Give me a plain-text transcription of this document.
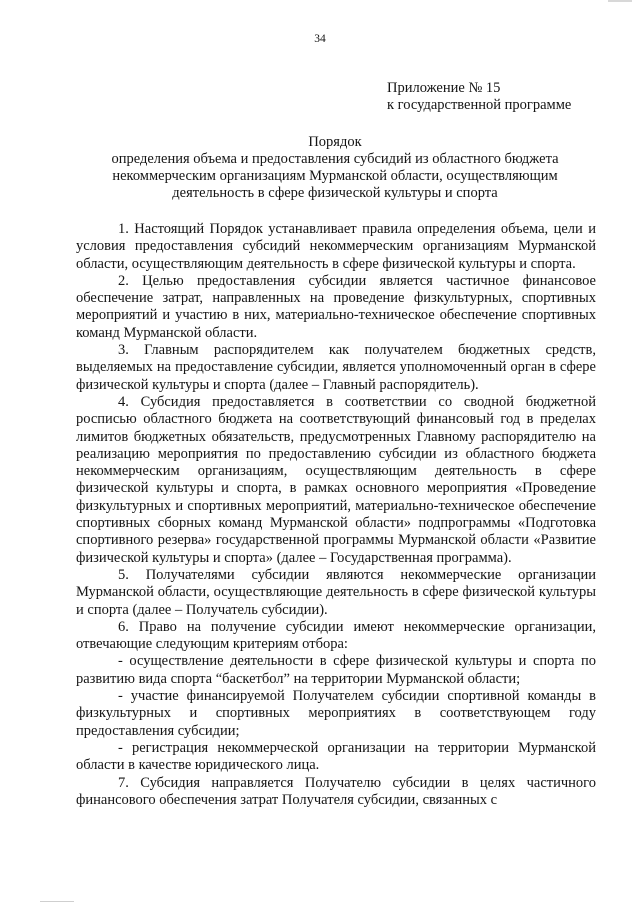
34
Приложение № 15
к государственной программе
Порядок
определения объема и предоставления субсидий из областного бюджета
некоммерческим организациям Мурманской области, осуществляющим
деятельность в сфере физической культуры и спорта

1. Настоящий Порядок устанавливает правила определения объема, цели и условия предоставления субсидий некоммерческим организациям Мурманской области, осуществляющим деятельность в сфере физической культуры и спорта.

2. Целью предоставления субсидии является частичное финансовое обеспечение затрат, направленных на проведение физкультурных, спортивных мероприятий и участию в них, материально-техническое обеспечение спортивных команд Мурманской области.

3. Главным распорядителем как получателем бюджетных средств, выделяемых на предоставление субсидии, является уполномоченный орган в сфере физической культуры и спорта (далее – Главный распорядитель).

4. Субсидия предоставляется в соответствии со сводной бюджетной росписью областного бюджета на соответствующий финансовый год в пределах лимитов бюджетных обязательств, предусмотренных Главному распорядителю на реализацию мероприятия по предоставлению субсидии из областного бюджета некоммерческим организациям, осуществляющим деятельность в сфере физической культуры и спорта, в рамках основного мероприятия «Проведение физкультурных и спортивных мероприятий, материально-техническое обеспечение спортивных сборных команд Мурманской области» подпрограммы «Подготовка спортивного резерва» государственной программы Мурманской области «Развитие физической культуры и спорта» (далее – Государственная программа).

5. Получателями субсидии являются некоммерческие организации Мурманской области, осуществляющие деятельность в сфере физической культуры и спорта (далее – Получатель субсидии).

6. Право на получение субсидии имеют некоммерческие организации, отвечающие следующим критериям отбора:

- осуществление деятельности в сфере физической культуры и спорта по развитию вида спорта “баскетбол” на территории Мурманской области;

- участие финансируемой Получателем субсидии спортивной команды в физкультурных и спортивных мероприятиях в соответствующем году предоставления субсидии;

- регистрация некоммерческой организации на территории Мурманской области в качестве юридического лица.

7. Субсидия направляется Получателю субсидии в целях частичного финансового обеспечения затрат Получателя субсидии, связанных с
